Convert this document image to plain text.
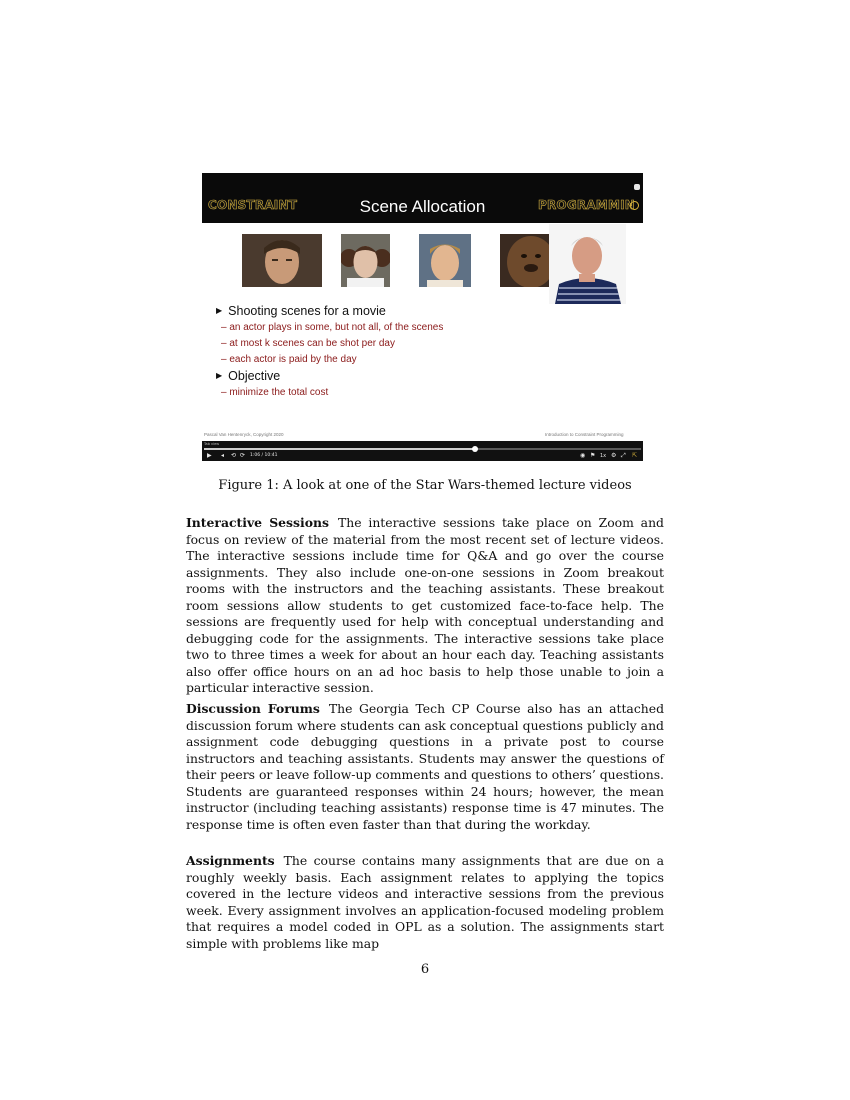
CONSTRAINT	Scene Allocation	PROGRAMMIN
▶ Shooting scenes for a movie
– an actor plays in some, but not all, of the scenes
– at most k scenes can be shot per day
– each actor is paid by the day
▶ Objective
– minimize the total cost
Pascal Van Hentenryck, Copyright 2020	Introduction to Constraint Programming
Tab view
▶ ◂ ⟲ ⟳ 1:06 / 10:41	◉ ⚑ 1x ⚙ ⤢ ⇱
Figure 1: A look at one of the Star Wars-themed lecture videos

Interactive Sessions The interactive sessions take place on Zoom and focus on review of the material from the most recent set of lecture videos. The interactive sessions include time for Q&A and go over the course assignments. They also include one-on-one sessions in Zoom breakout rooms with the instructors and the teaching assistants. These breakout room sessions allow students to get customized face-to-face help. The sessions are frequently used for help with conceptual understanding and debugging code for the assignments. The interactive sessions take place two to three times a week for about an hour each day. Teaching assistants also offer office hours on an ad hoc basis to help those unable to join a particular interactive session.

Discussion Forums The Georgia Tech CP Course also has an attached discussion forum where students can ask conceptual questions publicly and assignment code debugging questions in a private post to course instructors and teaching assistants. Students may answer the questions of their peers or leave follow-up comments and questions to others’ questions. Students are guaranteed responses within 24 hours; however, the mean instructor (including teaching assistants) response time is 47 minutes. The response time is often even faster than that during the workday.

Assignments The course contains many assignments that are due on a roughly weekly basis. Each assignment relates to applying the topics covered in the lecture videos and interactive sessions from the previous week. Every assignment involves an application-focused modeling problem that requires a model coded in OPL as a solution. The assignments start simple with problems like map

6
